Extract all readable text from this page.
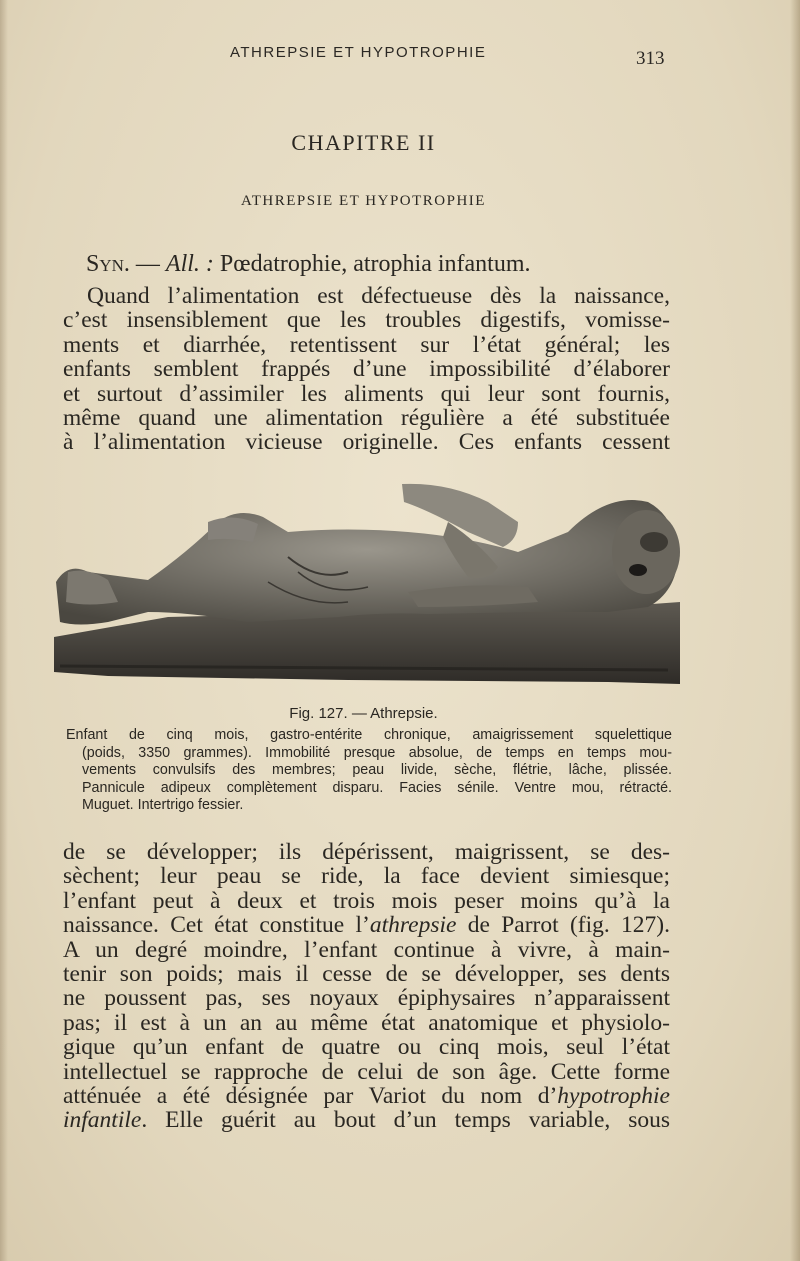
ATHREPSIE ET HYPOTROPHIE	313
CHAPITRE II
ATHREPSIE ET HYPOTROPHIE
Syn. — All. : Pœdatrophie, atrophia infantum.
Quand l’alimentation est défectueuse dès la naissance,
c’est insensiblement que les troubles digestifs, vomisse-
ments et diarrhée, retentissent sur l’état général; les
enfants semblent frappés d’une impossibilité d’élaborer
et surtout d’assimiler les aliments qui leur sont fournis,
même quand une alimentation régulière a été substituée
à l’alimentation vicieuse originelle. Ces enfants cessent
Fig. 127. — Athrepsie.
Enfant de cinq mois, gastro-entérite chronique, amaigrissement squelettique
(poids, 3350 grammes). Immobilité presque absolue, de temps en temps mou-
vements convulsifs des membres; peau livide, sèche, flétrie, lâche, plissée.
Pannicule adipeux complètement disparu. Facies sénile. Ventre mou, rétracté.
Muguet. Intertrigo fessier.
de se développer; ils dépérissent, maigrissent, se des-
sèchent; leur peau se ride, la face devient simiesque;
l’enfant peut à deux et trois mois peser moins qu’à la
naissance. Cet état constitue l’athrepsie de Parrot (fig. 127).
A un degré moindre, l’enfant continue à vivre, à main-
tenir son poids; mais il cesse de se développer, ses dents
ne poussent pas, ses noyaux épiphysaires n’apparaissent
pas; il est à un an au même état anatomique et physiolo-
gique qu’un enfant de quatre ou cinq mois, seul l’état
intellectuel se rapproche de celui de son âge. Cette forme
atténuée a été désignée par Variot du nom d’hypotrophie
infantile. Elle guérit au bout d’un temps variable, sous
